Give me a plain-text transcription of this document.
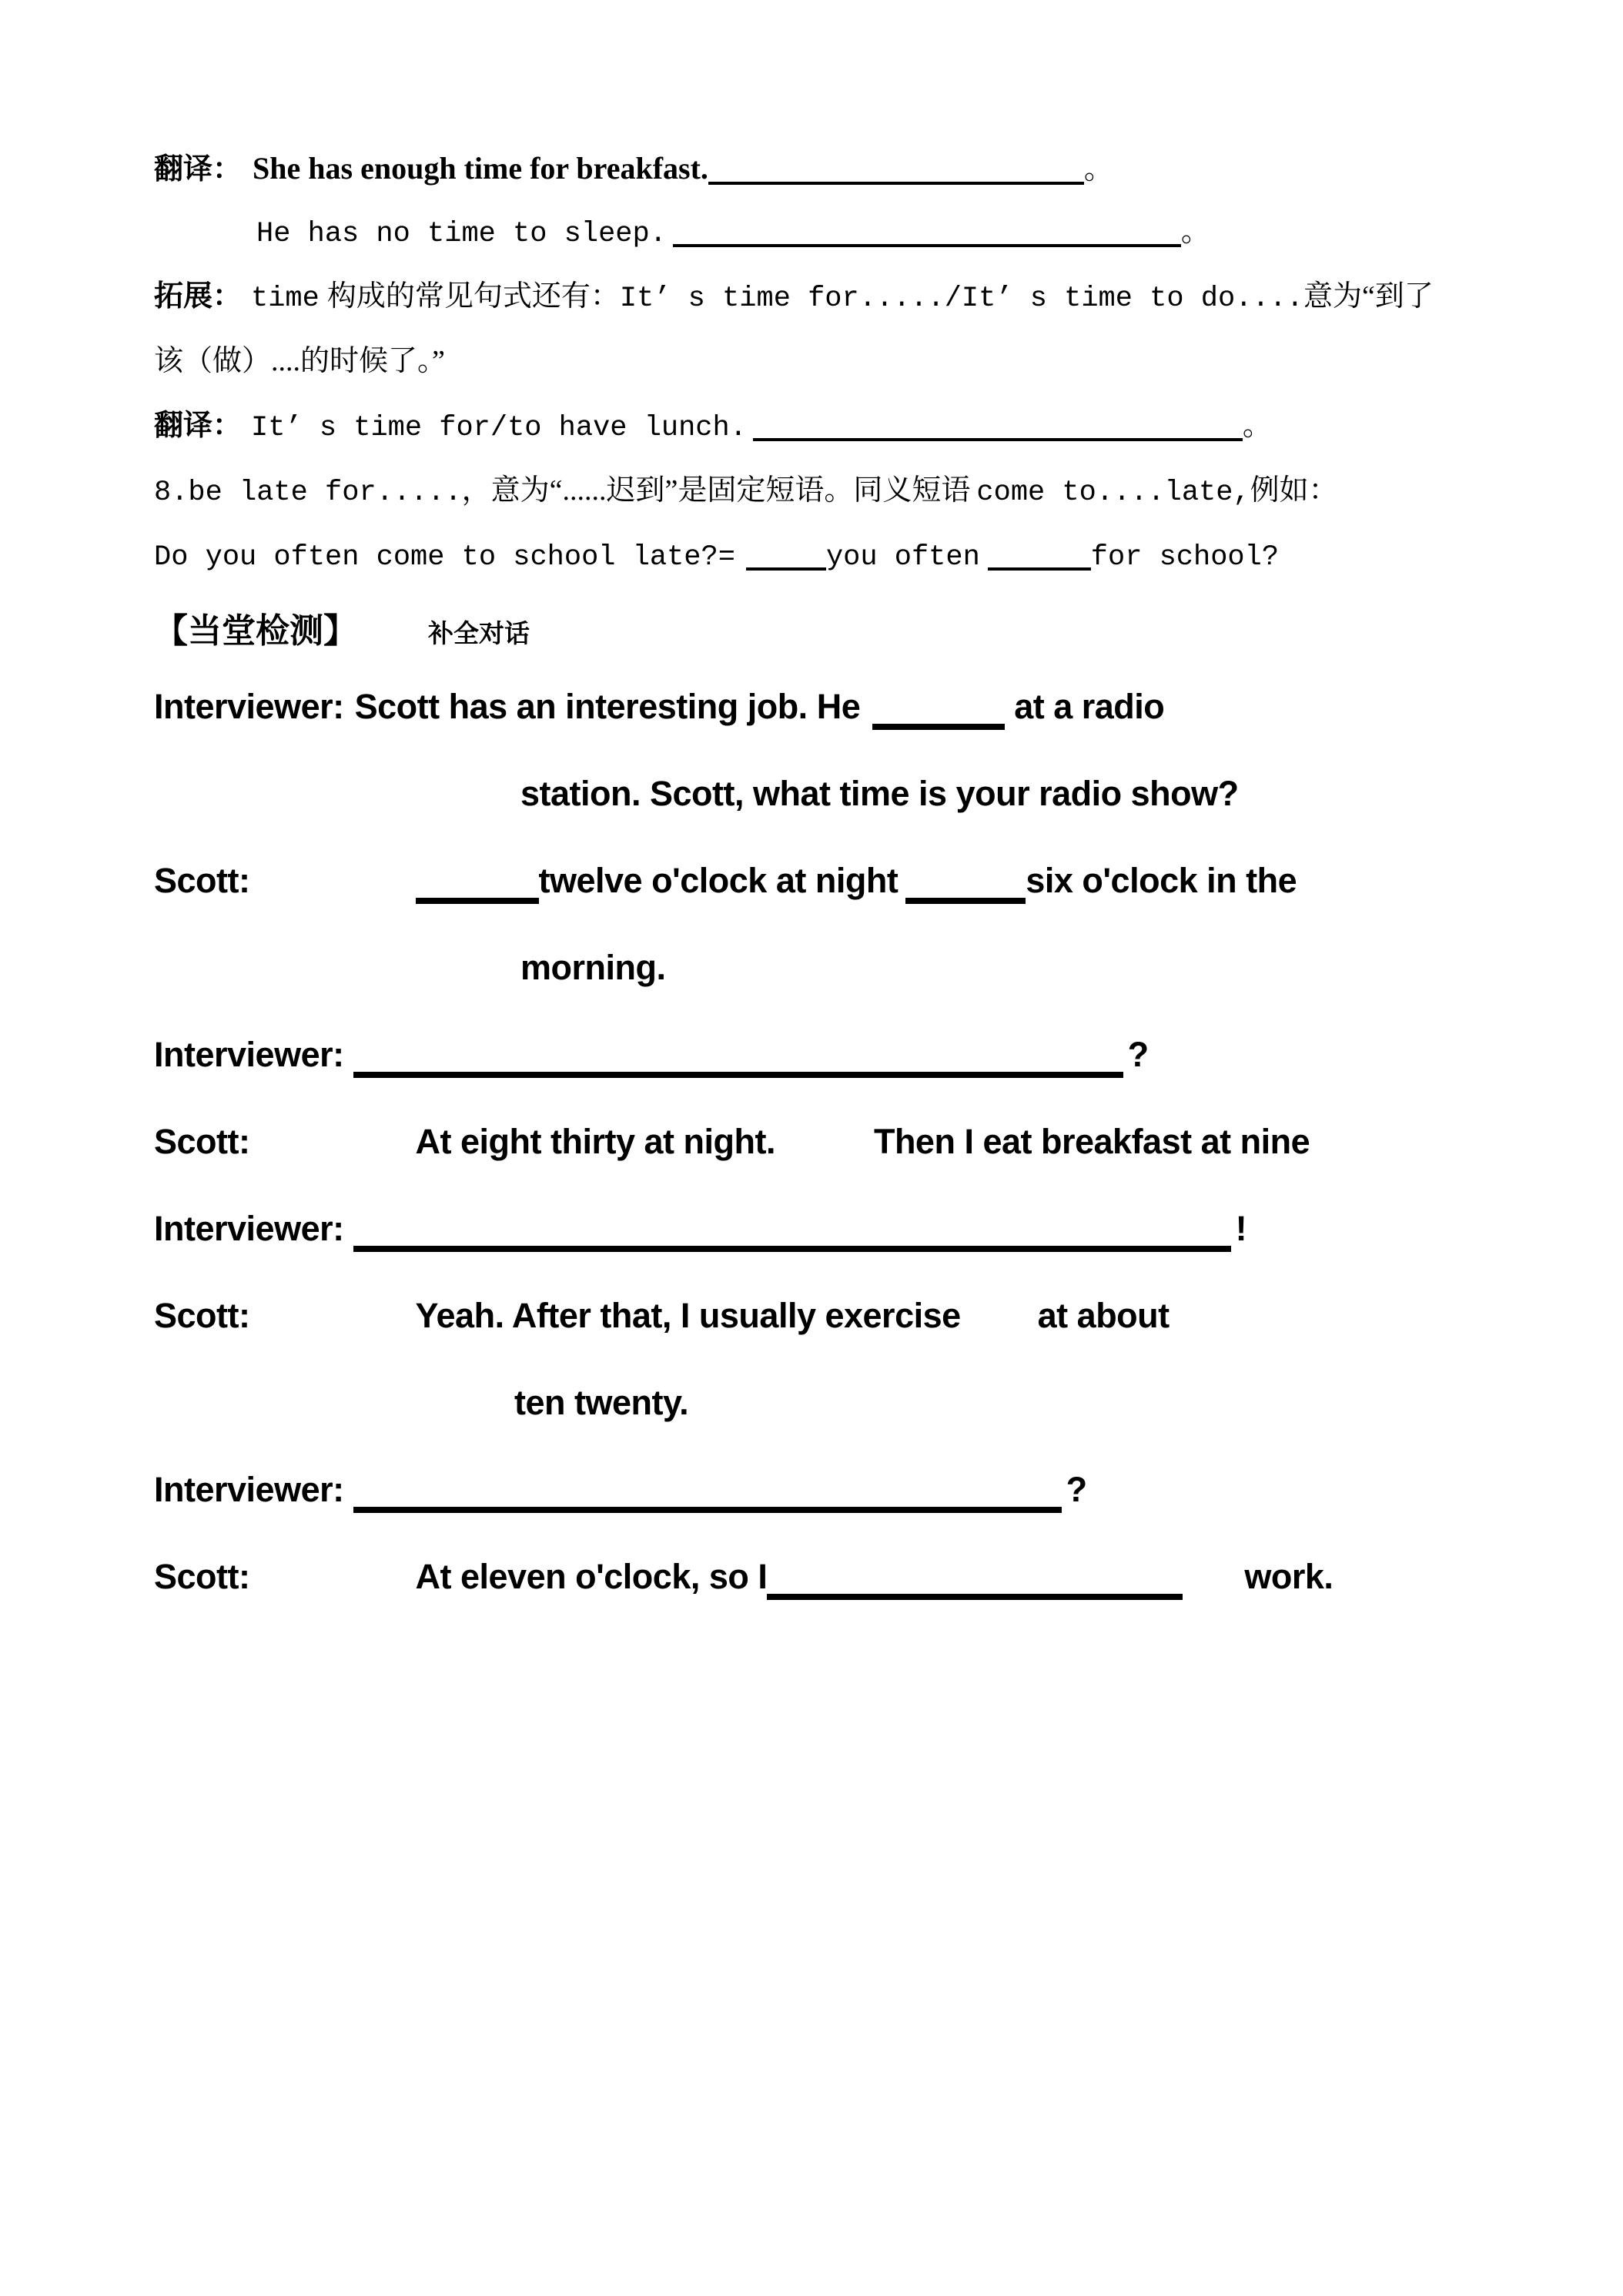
翻译： She has enough time for breakfast.	。
He has no time to sleep.	。
拓展： time 构成的常见句式还有：It’ s time for...../It’ s time to do....意为“到了
该（做）....的时候了。”
翻译： It’ s time for/to have lunch.	。
8.be late for.....，意为“......迟到”是固定短语。同义短语 come to....late,例如：
Do you often come to school late?=	you often	for school?
【当堂检测】	补全对话
Interviewer: Scott has an interesting job. He	at a radio
station. Scott, what time is your radio show?
Scott:	twelve o'clock at night	six o'clock in the
morning.
Interviewer:	?
Scott:	At eight thirty at night.	Then I eat breakfast at nine
Interviewer:	!
Scott:	Yeah. After that, I usually exercise at about
ten twenty.
Interviewer:	?
Scott:	At eleven o'clock, so I	work.
